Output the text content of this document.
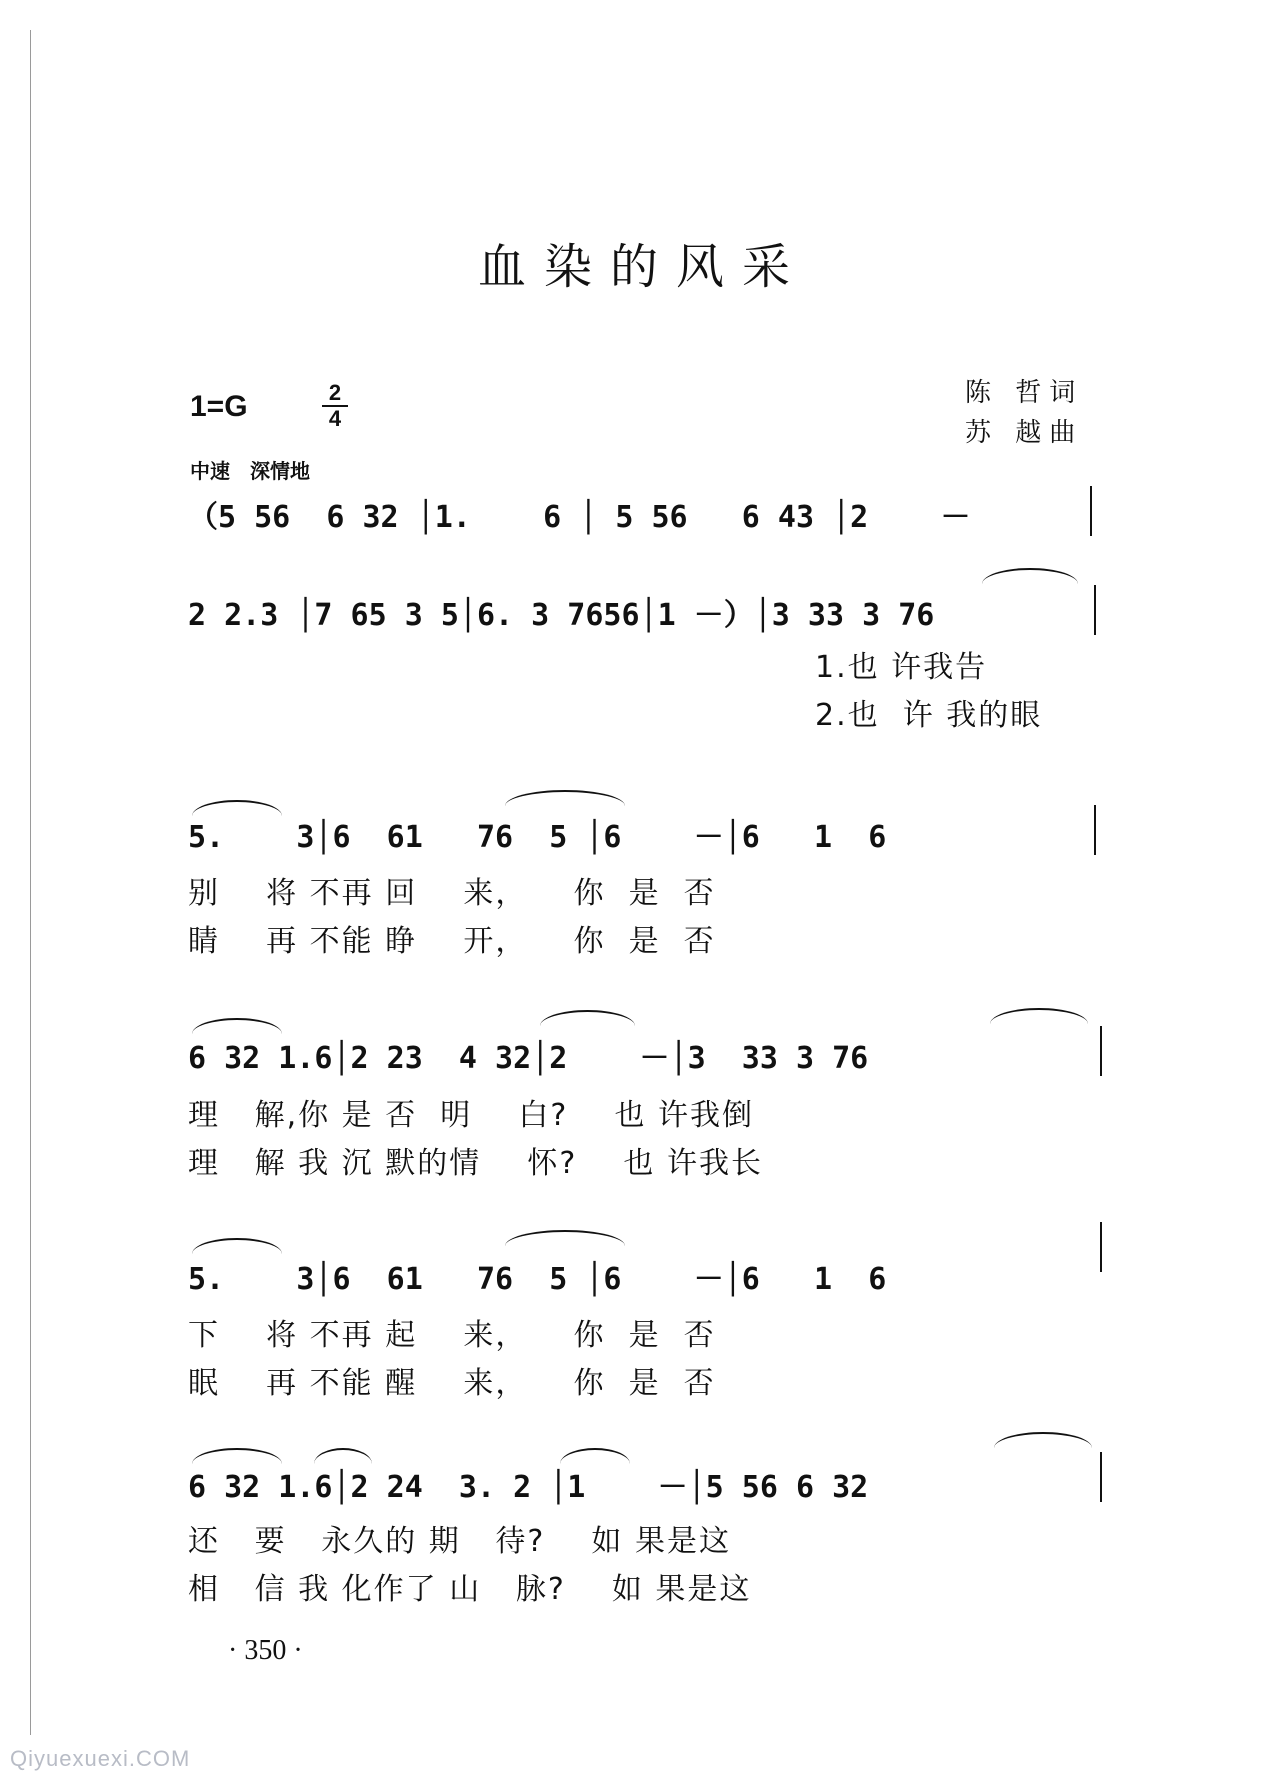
血染的风采
1=G	2
4
中速　深情地
陈 哲词
苏 越曲
（5 56  6 32 │1.    6 │ 5 56   6 43 │2    －
2 2.3 │7 65 3 5│6. 3 7656│1 －）│3 33 3 76
1.也 许我告
2.也  许 我的眼
5.    3│6  61   76  5 │6    －│6   1  6
别    将 不再 回    来，    你  是  否
睛    再 不能 睁    开，    你  是  否
6 32 1.6│2 23  4 32│2    －│3  33 3 76
理   解,你 是 否  明    白?    也 许我倒
理   解 我 沉 默的情    怀?    也 许我长
5.    3│6  61   76  5 │6    －│6   1  6
下    将 不再 起    来，    你  是  否
眠    再 不能 醒    来，    你  是  否
6 32 1.6│2 24  3. 2 │1    －│5 56 6 32
还   要   永久的 期   待?    如 果是这
相   信 我 化作了 山   脉?    如 果是这
· 350 ·
Qiyuexuexi.COM
